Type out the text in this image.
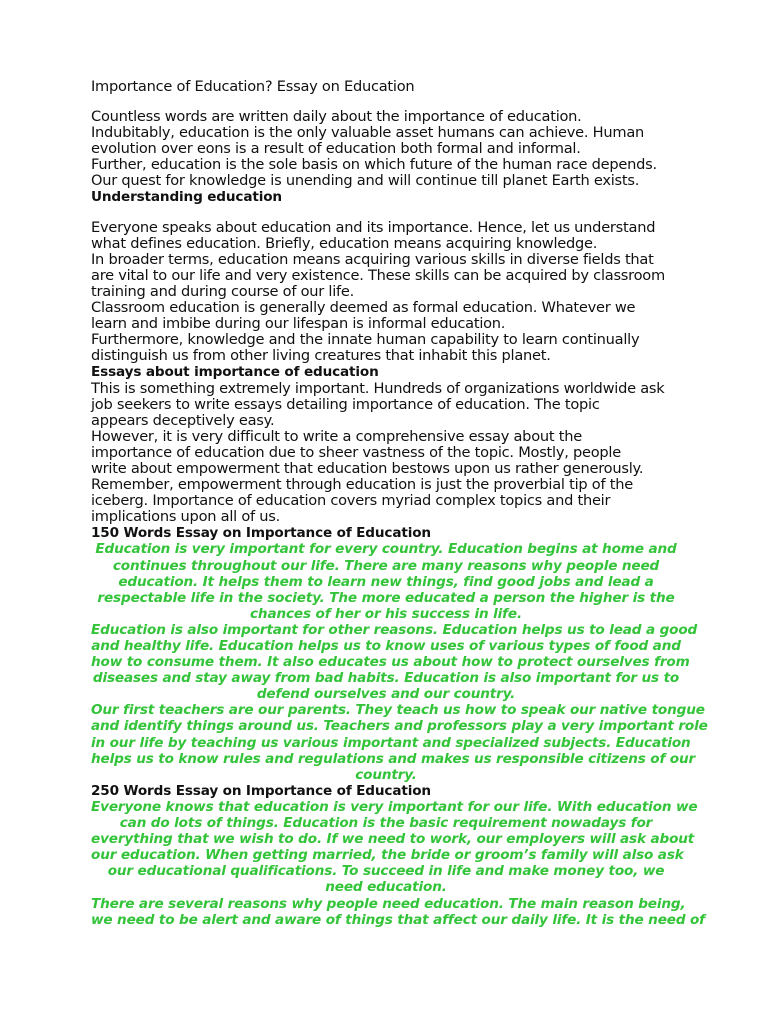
Importance of Education? Essay on Education

Countless words are written daily about the importance of education.

Indubitably, education is the only valuable asset humans can achieve. Human

evolution over eons is a result of education both formal and informal.

Further, education is the sole basis on which future of the human race depends.

Our quest for knowledge is unending and will continue till planet Earth exists.

Understanding education

Everyone speaks about education and its importance. Hence, let us understand

what defines education. Briefly, education means acquiring knowledge.

In broader terms, education means acquiring various skills in diverse fields that

are vital to our life and very existence. These skills can be acquired by classroom

training and during course of our life.

Classroom education is generally deemed as formal education. Whatever we

learn and imbibe during our lifespan is informal education.

Furthermore, knowledge and the innate human capability to learn continually

distinguish us from other living creatures that inhabit this planet.

Essays about importance of education

This is something extremely important. Hundreds of organizations worldwide ask

job seekers to write essays detailing importance of education. The topic

appears deceptively easy.

However, it is very difficult to write a comprehensive essay about the

importance of education due to sheer vastness of the topic. Mostly, people

write about empowerment that education bestows upon us rather generously.

Remember, empowerment through education is just the proverbial tip of the

iceberg. Importance of education covers myriad complex topics and their

implications upon all of us.

150 Words Essay on Importance of Education

Education is very important for every country. Education begins at home and

continues throughout our life. There are many reasons why people need

education. It helps them to learn new things, find good jobs and lead a

respectable life in the society. The more educated a person the higher is the

chances of her or his success in life.

Education is also important for other reasons. Education helps us to lead a good

and healthy life. Education helps us to know uses of various types of food and

how to consume them. It also educates us about how to protect ourselves from

diseases and stay away from bad habits. Education is also important for us to

defend ourselves and our country.

Our first teachers are our parents. They teach us how to speak our native tongue

and identify things around us. Teachers and professors play a very important role

in our life by teaching us various important and specialized subjects. Education

helps us to know rules and regulations and makes us responsible citizens of our

country.

250 Words Essay on Importance of Education

Everyone knows that education is very important for our life. With education we

can do lots of things. Education is the basic requirement nowadays for

everything that we wish to do. If we need to work, our employers will ask about

our education. When getting married, the bride or groom’s family will also ask

our educational qualifications. To succeed in life and make money too, we

need education.

There are several reasons why people need education. The main reason being,

we need to be alert and aware of things that affect our daily life. It is the need of
